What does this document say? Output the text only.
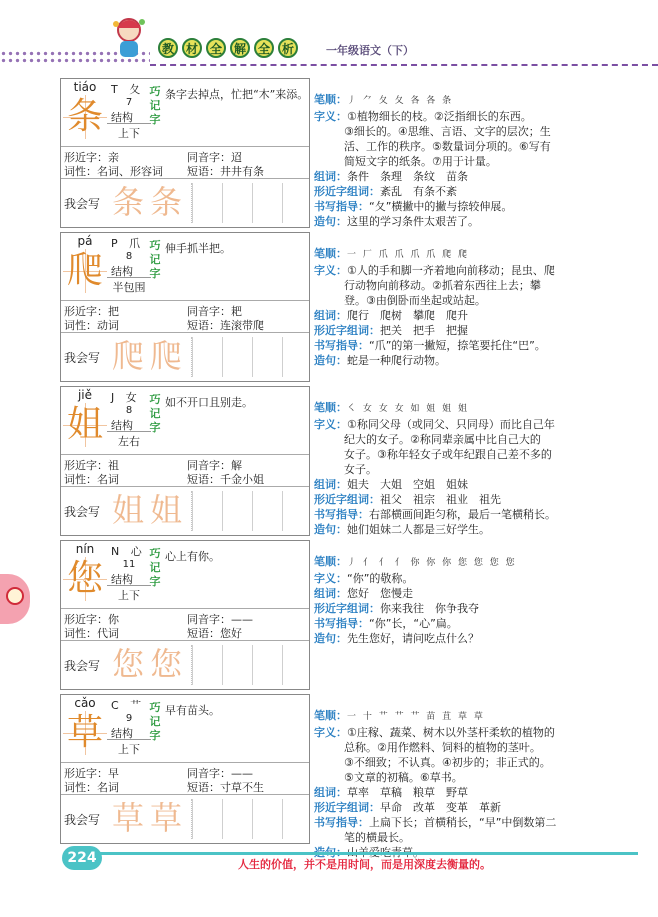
教 材 全 解 全 析	一年级语文（下）
tiáo
条
T 夂
7
结构
上下
巧记字
条字去掉点，忙把“木”来添。
形近字：亲	同音字：迢
词性：名词、形容词 短语：井井有条
我会写 条 条
笔顺：丿 ⺈ 夂 夂 各 各 条
字义：①植物细长的枝。②泛指细长的东西。
③细长的。④思维、言语、文字的层次；生
活、工作的秩序。⑤数量词分项的。⑥写有
简短文字的纸条。⑦用于计量。
组词：条件　条理　条纹　苗条
形近字组词：紊乱　有条不紊
书写指导：“夂”横撇中的撇与捺较伸展。
造句：这里的学习条件太艰苦了。
pá
爬
P 爪
8
结构
半包围
巧记字
伸手抓半把。
形近字：把	同音字：耙
词性：动词	短语：连滚带爬
我会写 爬 爬
笔顺：一 厂 爪 爪 爪 爪 爬 爬
字义：①人的手和脚一齐着地向前移动；昆虫、爬
行动物向前移动。②抓着东西往上去；攀
登。③由倒卧而坐起或站起。
组词：爬行　爬树　攀爬　爬升
形近字组词：把关　把手　把握
书写指导：“爪”的第一撇短，捺笔要托住“巴”。
造句：蛇是一种爬行动物。
jiě
姐
J 女
8
结构
左右
巧记字
如不开口且别走。
形近字：祖	同音字：解
词性：名词	短语：千金小姐
我会写 姐 姐
笔顺：㇛ 女 女 女 如 姐 姐 姐
字义：①称同父母（或同父、只同母）而比自己年
纪大的女子。②称同辈亲属中比自己大的
女子。③称年轻女子或年纪跟自己差不多的
女子。
组词：姐夫　大姐　空姐　姐妹
形近字组词：祖父　祖宗　祖业　祖先
书写指导：右部横画间距匀称，最后一笔横稍长。
造句：她们姐妹二人都是三好学生。
nín
您
N 心
11
结构
上下
巧记字
心上有你。
形近字：你	同音字：——
词性：代词	短语：您好
我会写 您 您
笔顺：丿 亻 亻 亻 你 你 你 您 您 您 您
字义：“你”的敬称。
组词：您好　您慢走
形近字组词：你来我往　你争我夺
书写指导：“你”长，“心”扁。
造句：先生您好，请问吃点什么？
cǎo
草
C 艹
9
结构
上下
巧记字
早有苗头。
形近字：早	同音字：——
词性：名词	短语：寸草不生
我会写 草 草
笔顺：一 十 艹 艹 艹 苗 苴 草 草
字义：①庄稼、蔬菜、树木以外茎杆柔软的植物的
总称。②用作燃料、饲料的植物的茎叶。
③不细致；不认真。④初步的；非正式的。
⑤文章的初稿。⑥草书。
组词：草率　草稿　粮草　野草
形近字组词：早命　改革　变革　革新
书写指导：上扁下长；首横稍长，“早”中倒数第二
笔的横最长。
224	人生的价值，并不是用时间，而是用深度去衡量的。
